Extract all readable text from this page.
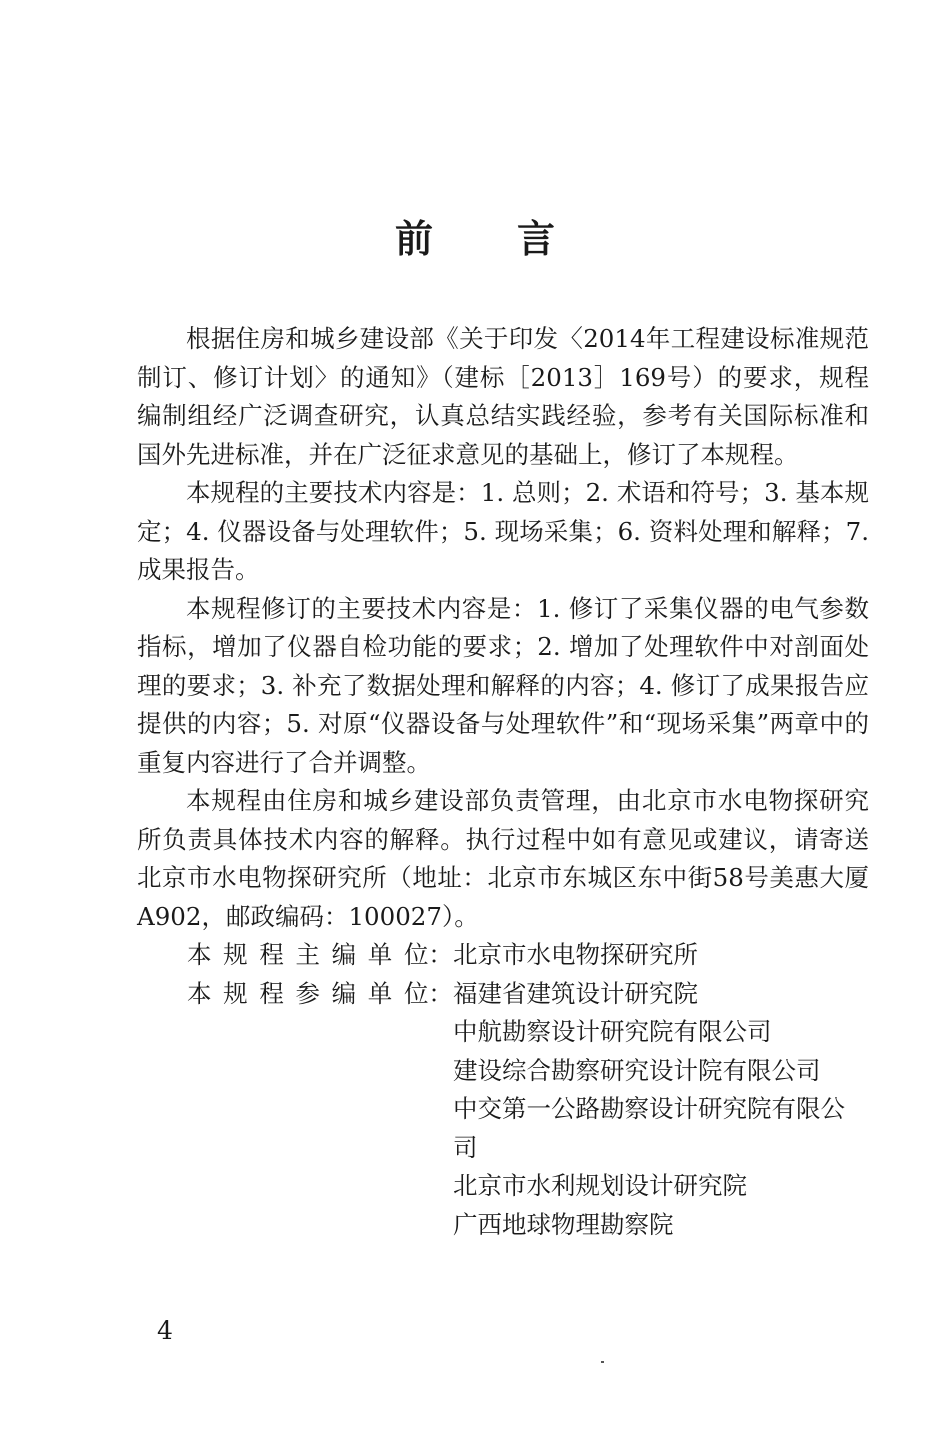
前 言

根据住房和城乡建设部《关于印发〈2014年工程建设标准规范制订、修订计划〉的通知》（建标［2013］169号）的要求，规程编制组经广泛调查研究，认真总结实践经验，参考有关国际标准和国外先进标准，并在广泛征求意见的基础上，修订了本规程。

本规程的主要技术内容是：1. 总则；2. 术语和符号；3. 基本规定；4. 仪器设备与处理软件；5. 现场采集；6. 资料处理和解释；7. 成果报告。

本规程修订的主要技术内容是：1. 修订了采集仪器的电气参数指标，增加了仪器自检功能的要求；2. 增加了处理软件中对剖面处理的要求；3. 补充了数据处理和解释的内容；4. 修订了成果报告应提供的内容；5. 对原“仪器设备与处理软件”和“现场采集”两章中的重复内容进行了合并调整。

本规程由住房和城乡建设部负责管理，由北京市水电物探研究所负责具体技术内容的解释。执行过程中如有意见或建议，请寄送北京市水电物探研究所（地址：北京市东城区东中街58号美惠大厦A902，邮政编码：100027）。

本 规 程 主 编 单 位： 北京市水电物探研究所
本 规 程 参 编 单 位： 福建省建筑设计研究院
中航勘察设计研究院有限公司
建设综合勘察研究设计院有限公司
中交第一公路勘察设计研究院有限公司
北京市水利规划设计研究院
广西地球物理勘察院
4
